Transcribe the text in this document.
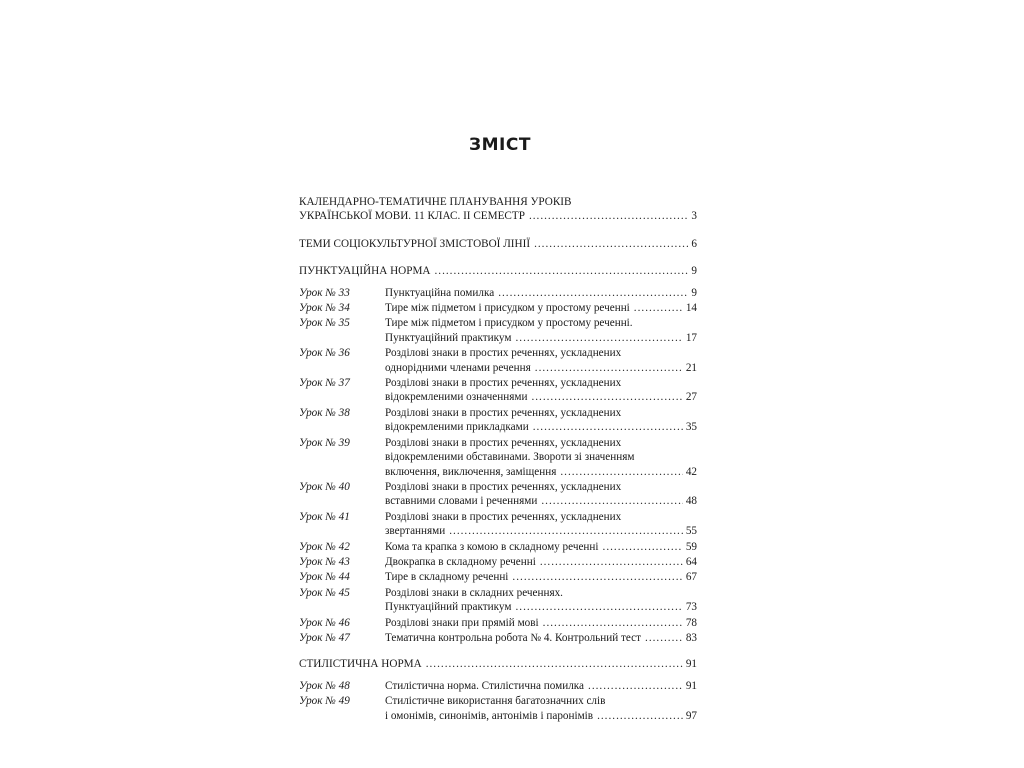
ЗМІСТ
КАЛЕНДАРНО-ТЕМАТИЧНЕ ПЛАНУВАННЯ УРОКІВ
УКРАЇНСЬКОЇ МОВИ. 11 КЛАС. ІІ СЕМЕСТР .....	3
ТЕМИ СОЦІОКУЛЬТУРНОЇ ЗМІСТОВОЇ ЛІНІЇ .....	6
ПУНКТУАЦІЙНА НОРМА .....	9
Урок № 33	Пунктуаційна помилка .....	9
Урок № 34	Тире між підметом і присудком у простому реченні .....	14
Урок № 35	Тире між підметом і присудком у простому реченні.
Пунктуаційний практикум .....	17
Урок № 36	Розділові знаки в простих реченнях, ускладнених
однорідними членами речення .....	21
Урок № 37	Розділові знаки в простих реченнях, ускладнених
відокремленими означеннями .....	27
Урок № 38	Розділові знаки в простих реченнях, ускладнених
відокремленими прикладками .....	35
Урок № 39	Розділові знаки в простих реченнях, ускладнених
відокремленими обставинами. Звороти зі значенням
включення, виключення, заміщення .....	42
Урок № 40	Розділові знаки в простих реченнях, ускладнених
вставними словами і реченнями .....	48
Урок № 41	Розділові знаки в простих реченнях, ускладнених
звертаннями .....	55
Урок № 42	Кома та крапка з комою в складному реченні .....	59
Урок № 43	Двокрапка в складному реченні .....	64
Урок № 44	Тире в складному реченні .....	67
Урок № 45	Розділові знаки в складних реченнях.
Пунктуаційний практикум .....	73
Урок № 46	Розділові знаки при прямій мові .....	78
Урок № 47	Тематична контрольна робота № 4. Контрольний тест .....	83
СТИЛІСТИЧНА НОРМА .....	91
Урок № 48	Стилістична норма. Стилістична помилка .....	91
Урок № 49	Стилістичне використання багатозначних слів
і омонімів, синонімів, антонімів і паронімів .....	97
